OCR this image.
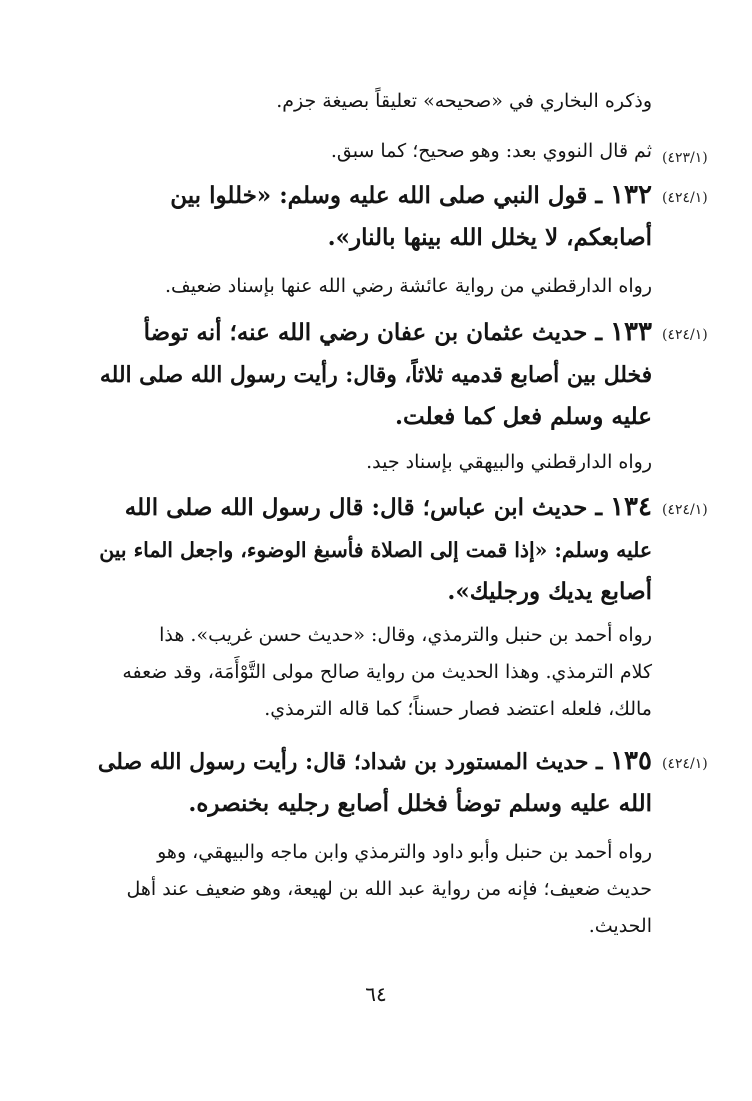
وذكره البخاري في «صحيحه» تعليقاً بصيغة جزم.
(٤٢٣/١)
ثم قال النووي بعد: وهو صحيح؛ كما سبق.
(٤٢٤/١)
١٣٢ ـ قول النبي صلى الله عليه وسلم: «خللوا بين
أصابعكم، لا يخلل الله بينها بالنار».
رواه الدارقطني من رواية عائشة رضي الله عنها بإسناد ضعيف.
(٤٢٤/١)
١٣٣ ـ حديث عثمان بن عفان رضي الله عنه؛ أنه توضأ
فخلل بين أصابع قدميه ثلاثاً، وقال: رأيت رسول الله صلى الله
عليه وسلم فعل كما فعلت.
رواه الدارقطني والبيهقي بإسناد جيد.
(٤٢٤/١)
١٣٤ ـ حديث ابن عباس؛ قال: قال رسول الله صلى الله
عليه وسلم: «إذا قمت إلى الصلاة فأسبغ الوضوء، واجعل الماء بين
أصابع يديك ورجليك».
رواه أحمد بن حنبل والترمذي، وقال: «حديث حسن غريب». هذا
كلام الترمذي. وهذا الحديث من رواية صالح مولى التَّوْأَمَة، وقد ضعفه
مالك، فلعله اعتضد فصار حسناً؛ كما قاله الترمذي.
(٤٢٤/١)
١٣٥ ـ حديث المستورد بن شداد؛ قال: رأيت رسول الله صلى
الله عليه وسلم توضأ فخلل أصابع رجليه بخنصره.
رواه أحمد بن حنبل وأبو داود والترمذي وابن ماجه والبيهقي، وهو
حديث ضعيف؛ فإنه من رواية عبد الله بن لهيعة، وهو ضعيف عند أهل
الحديث.
٦٤
